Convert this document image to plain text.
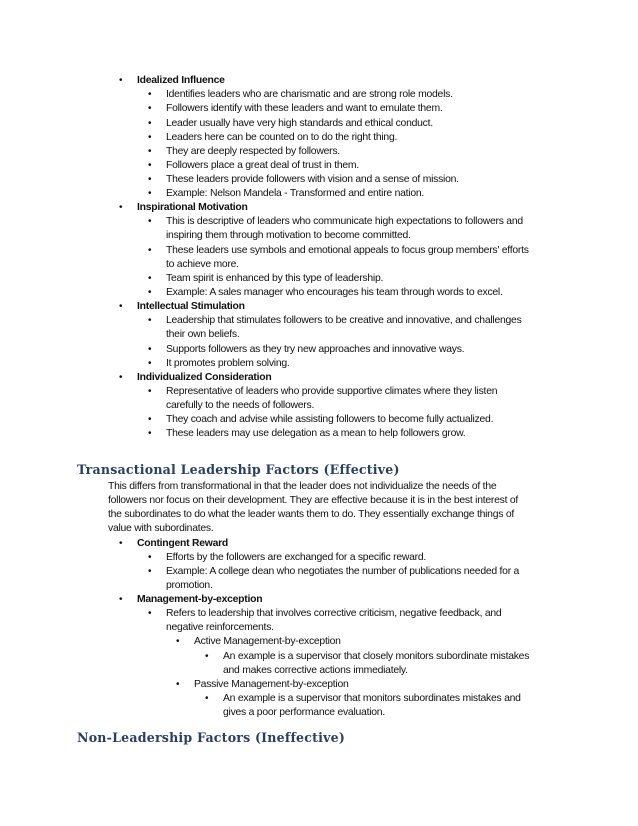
• Idealized Influence
• Identifies leaders who are charismatic and are strong role models.
• Followers identify with these leaders and want to emulate them.
• Leader usually have very high standards and ethical conduct.
• Leaders here can be counted on to do the right thing.
• They are deeply respected by followers.
• Followers place a great deal of trust in them.
• These leaders provide followers with vision and a sense of mission.
• Example: Nelson Mandela - Transformed and entire nation.
• Inspirational Motivation
• This is descriptive of leaders who communicate high expectations to followers and
inspiring them through motivation to become committed.
• These leaders use symbols and emotional appeals to focus group members' efforts
to achieve more.
• Team spirit is enhanced by this type of leadership.
• Example: A sales manager who encourages his team through words to excel.
• Intellectual Stimulation
• Leadership that stimulates followers to be creative and innovative, and challenges
their own beliefs.
• Supports followers as they try new approaches and innovative ways.
• It promotes problem solving.
• Individualized Consideration
• Representative of leaders who provide supportive climates where they listen
carefully to the needs of followers.
• They coach and advise while assisting followers to become fully actualized.
• These leaders may use delegation as a mean to help followers grow.
Transactional Leadership Factors (Effective)
This differs from transformational in that the leader does not individualize the needs of the
followers nor focus on their development. They are effective because it is in the best interest of
the subordinates to do what the leader wants them to do. They essentially exchange things of
value with subordinates.
• Contingent Reward
• Efforts by the followers are exchanged for a specific reward.
• Example: A college dean who negotiates the number of publications needed for a
promotion.
• Management-by-exception
• Refers to leadership that involves corrective criticism, negative feedback, and
negative reinforcements.
• Active Management-by-exception
• An example is a supervisor that closely monitors subordinate mistakes
and makes corrective actions immediately.
• Passive Management-by-exception
• An example is a supervisor that monitors subordinates mistakes and
gives a poor performance evaluation.
Non-Leadership Factors (Ineffective)
